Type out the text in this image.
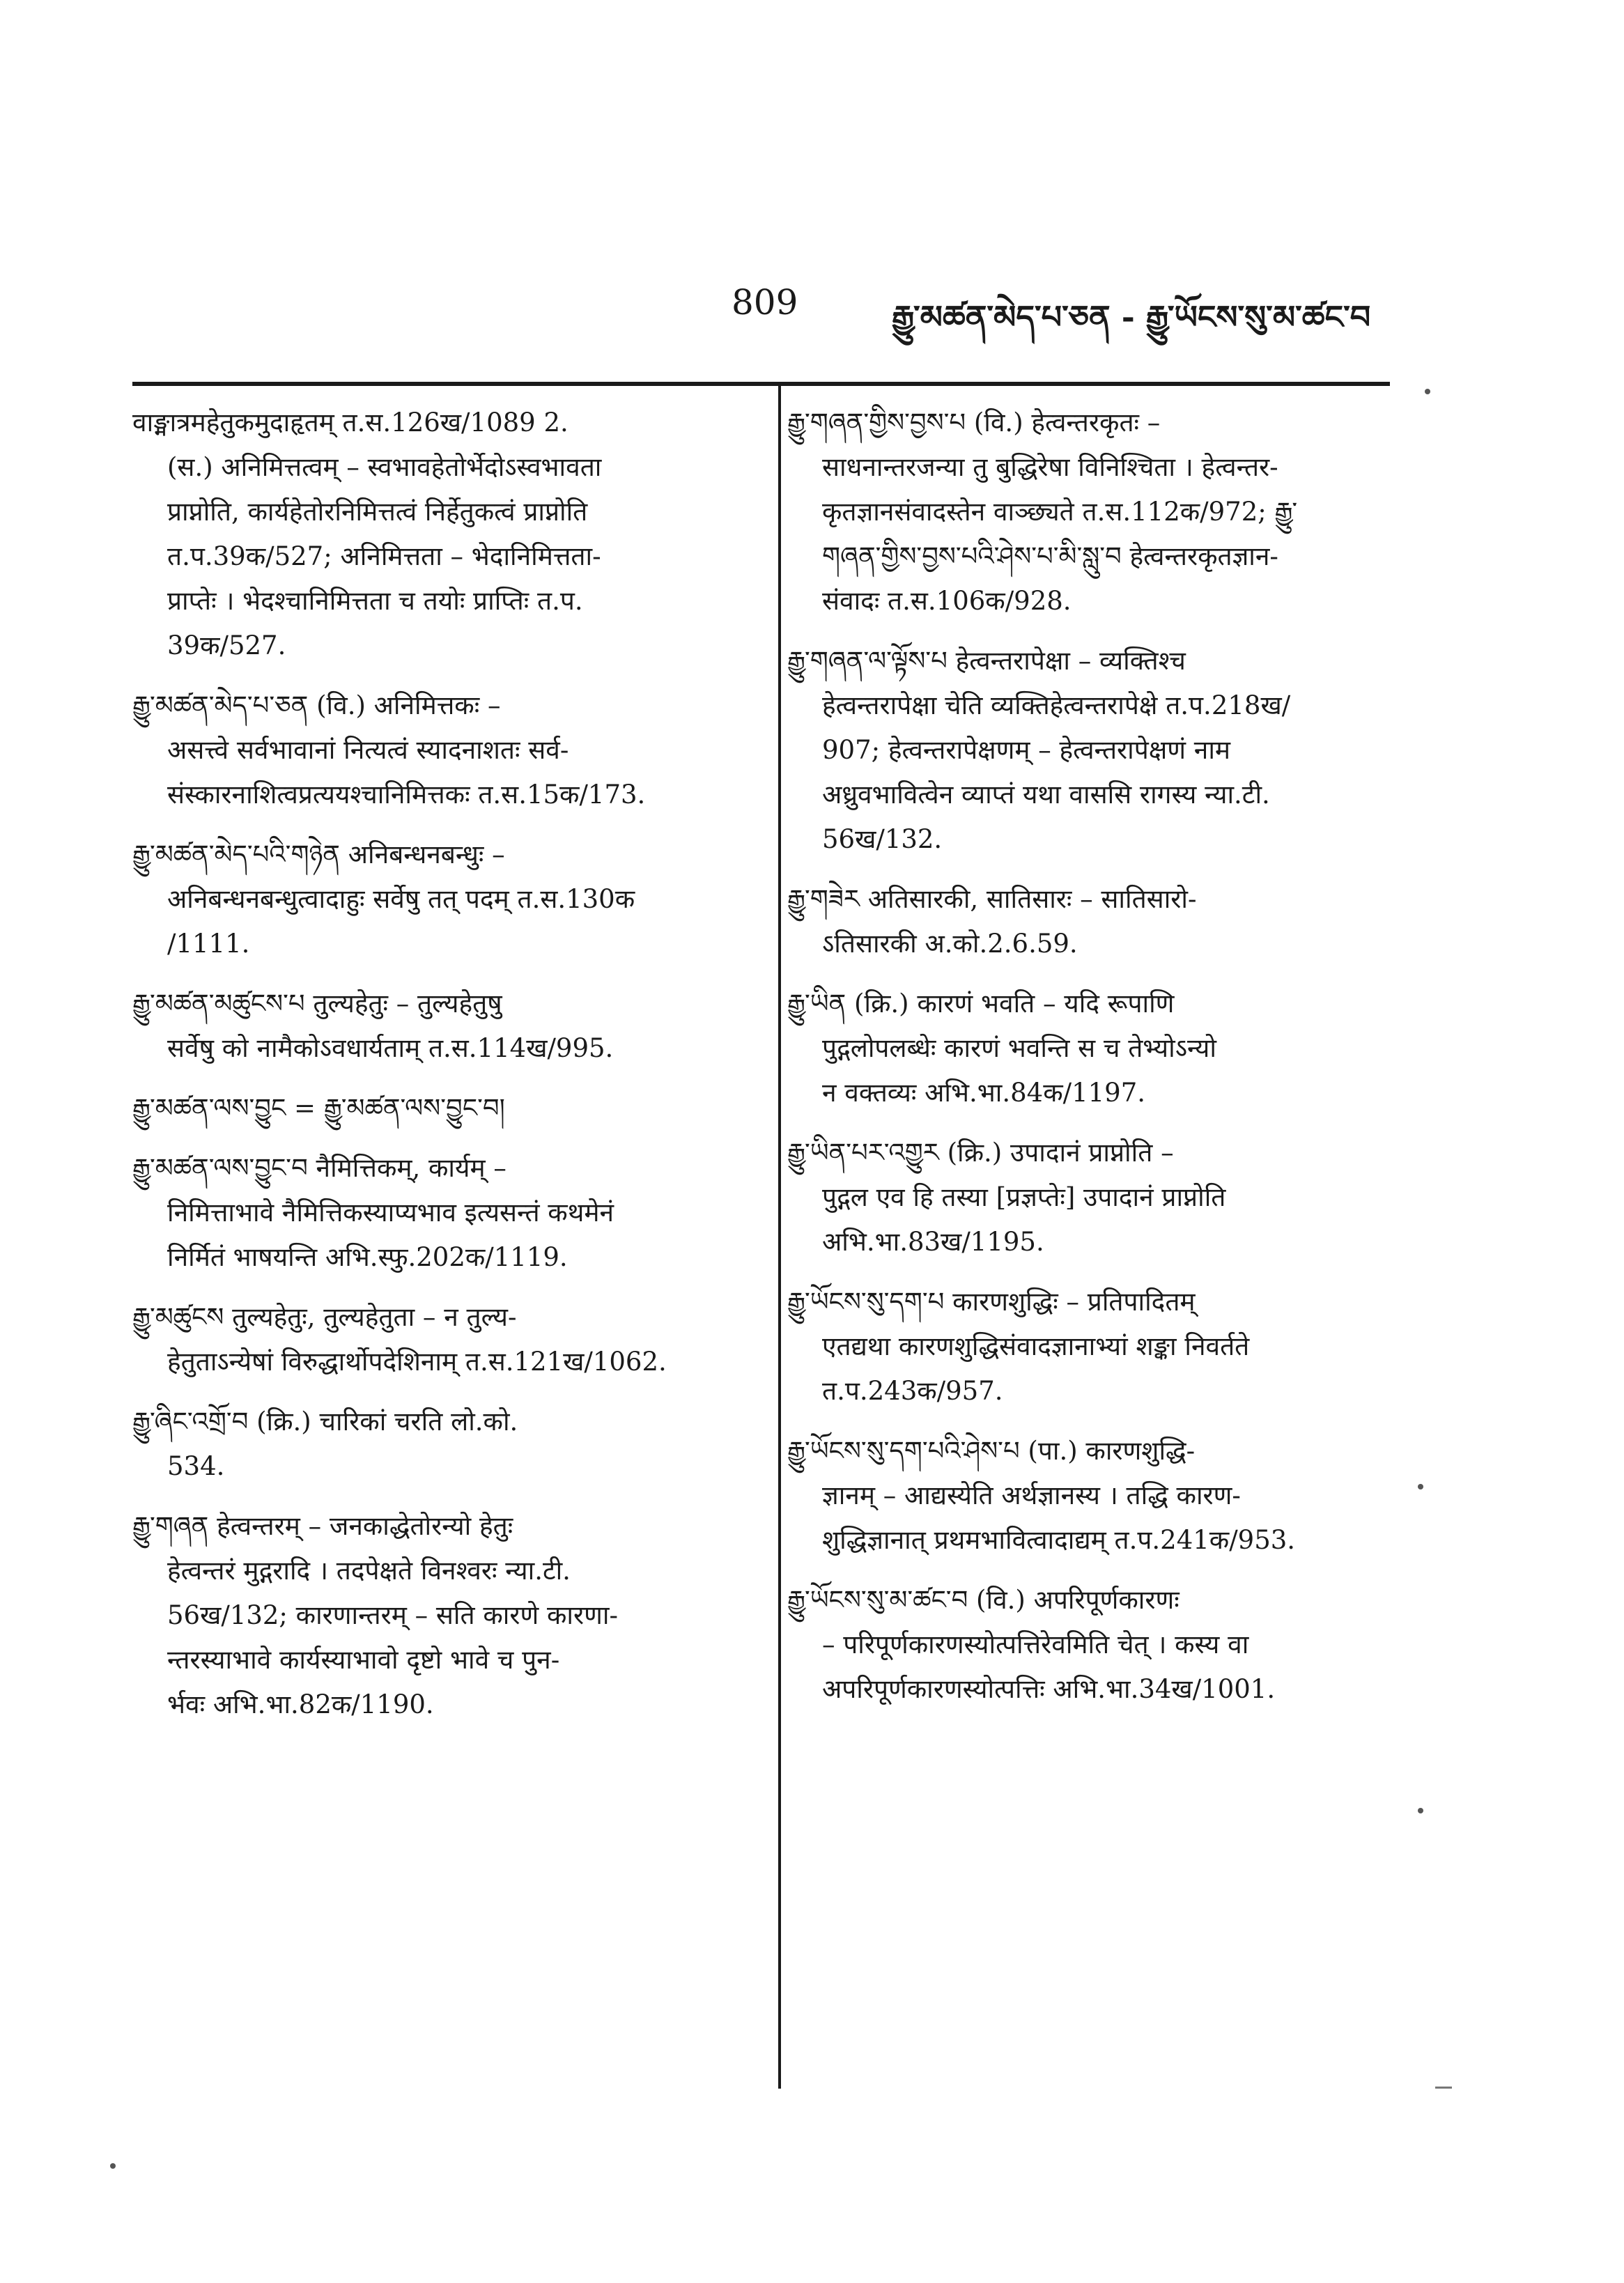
809	རྒྱུ་མཚན་མེད་པ་ཅན - རྒྱུ་ཡོངས་སུ་མ་ཚང་བ
वाङ्मात्रमहेतुकमुदाहृतम् त.स.126ख/1089 2.
(स.) अनिमित्तत्वम् – स्वभावहेतोर्भेदोऽस्वभावता
प्राप्नोति, कार्यहेतोरनिमित्तत्वं निर्हेतुकत्वं प्राप्नोति
त.प.39क/527; अनिमित्तता – भेदानिमित्तता-
प्राप्तेः । भेदश्चानिमित्तता च तयोः प्राप्तिः त.प.
39क/527.
རྒྱུ་མཚན་མེད་པ་ཅན (वि.) अनिमित्तकः –
असत्त्वे सर्वभावानां नित्यत्वं स्यादनाशतः सर्व-
संस्कारनाशित्वप्रत्ययश्चानिमित्तकः त.स.15क/173.
རྒྱུ་མཚན་མེད་པའི་གཉེན अनिबन्धनबन्धुः –
अनिबन्धनबन्धुत्वादाहुः सर्वेषु तत् पदम् त.स.130क
/1111.
རྒྱུ་མཚན་མཚུངས་པ तुल्यहेतुः – तुल्यहेतुषु
सर्वेषु को नामैकोऽवधार्यताम् त.स.114ख/995.
རྒྱུ་མཚན་ལས་བྱུང = རྒྱུ་མཚན་ལས་བྱུང་བ།
རྒྱུ་མཚན་ལས་བྱུང་བ नैमित्तिकम्, कार्यम् –
निमित्ताभावे नैमित्तिकस्याप्यभाव इत्यसन्तं कथमेनं
निर्मितं भाषयन्ति अभि.स्फु.202क/1119.
རྒྱུ་མཚུངས तुल्यहेतुः, तुल्यहेतुता – न तुल्य-
हेतुताऽन्येषां विरुद्धार्थोपदेशिनाम् त.स.121ख/1062.
རྒྱུ་ཞིང་འགྲོ་བ (क्रि.) चारिकां चरति लो.को.
534.
རྒྱུ་གཞན हेत्वन्तरम् – जनकाद्धेतोरन्यो हेतुः
हेत्वन्तरं मुद्गरादि । तदपेक्षते विनश्वरः न्या.टी.
56ख/132; कारणान्तरम् – सति कारणे कारणा-
न्तरस्याभावे कार्यस्याभावो दृष्टो भावे च पुन-
र्भवः अभि.भा.82क/1190.
རྒྱུ་གཞན་གྱིས་བྱས་པ (वि.) हेत्वन्तरकृतः –
साधनान्तरजन्या तु बुद्धिरेषा विनिश्चिता । हेत्वन्तर-
कृतज्ञानसंवादस्तेन वाञ्छ्यते त.स.112क/972; རྒྱུ་
གཞན་གྱིས་བྱས་པའི་ཤེས་པ་མི་སླུ་བ हेत्वन्तरकृतज्ञान-
संवादः त.स.106क/928.
རྒྱུ་གཞན་ལ་ལྟོས་པ हेत्वन्तरापेक्षा – व्यक्तिश्च
हेत्वन्तरापेक्षा चेति व्यक्तिहेत्वन्तरापेक्षे त.प.218ख/
907; हेत्वन्तरापेक्षणम् – हेत्वन्तरापेक्षणं नाम
अध्रुवभावित्वेन व्याप्तं यथा वाससि रागस्य न्या.टी.
56ख/132.
རྒྱུ་གཟེར अतिसारकी, सातिसारः – सातिसारो-
ऽतिसारकी अ.को.2.6.59.
རྒྱུ་ཡིན (क्रि.) कारणं भवति – यदि रूपाणि
पुद्गलोपलब्धेः कारणं भवन्ति स च तेभ्योऽन्यो
न वक्तव्यः अभि.भा.84क/1197.
རྒྱུ་ཡིན་པར་འགྱུར (क्रि.) उपादानं प्राप्नोति –
पुद्गल एव हि तस्या [प्रज्ञप्तेः] उपादानं प्राप्नोति
अभि.भा.83ख/1195.
རྒྱུ་ཡོངས་སུ་དག་པ कारणशुद्धिः – प्रतिपादितम्
एतद्यथा कारणशुद्धिसंवादज्ञानाभ्यां शङ्का निवर्तते
त.प.243क/957.
རྒྱུ་ཡོངས་སུ་དག་པའི་ཤེས་པ (पा.) कारणशुद्धि-
ज्ञानम् – आद्यस्येति अर्थज्ञानस्य । तद्धि कारण-
शुद्धिज्ञानात् प्रथमभावित्वादाद्यम् त.प.241क/953.
རྒྱུ་ཡོངས་སུ་མ་ཚང་བ (वि.) अपरिपूर्णकारणः
– परिपूर्णकारणस्योत्पत्तिरेवमिति चेत् । कस्य वा
अपरिपूर्णकारणस्योत्पत्तिः अभि.भा.34ख/1001.
